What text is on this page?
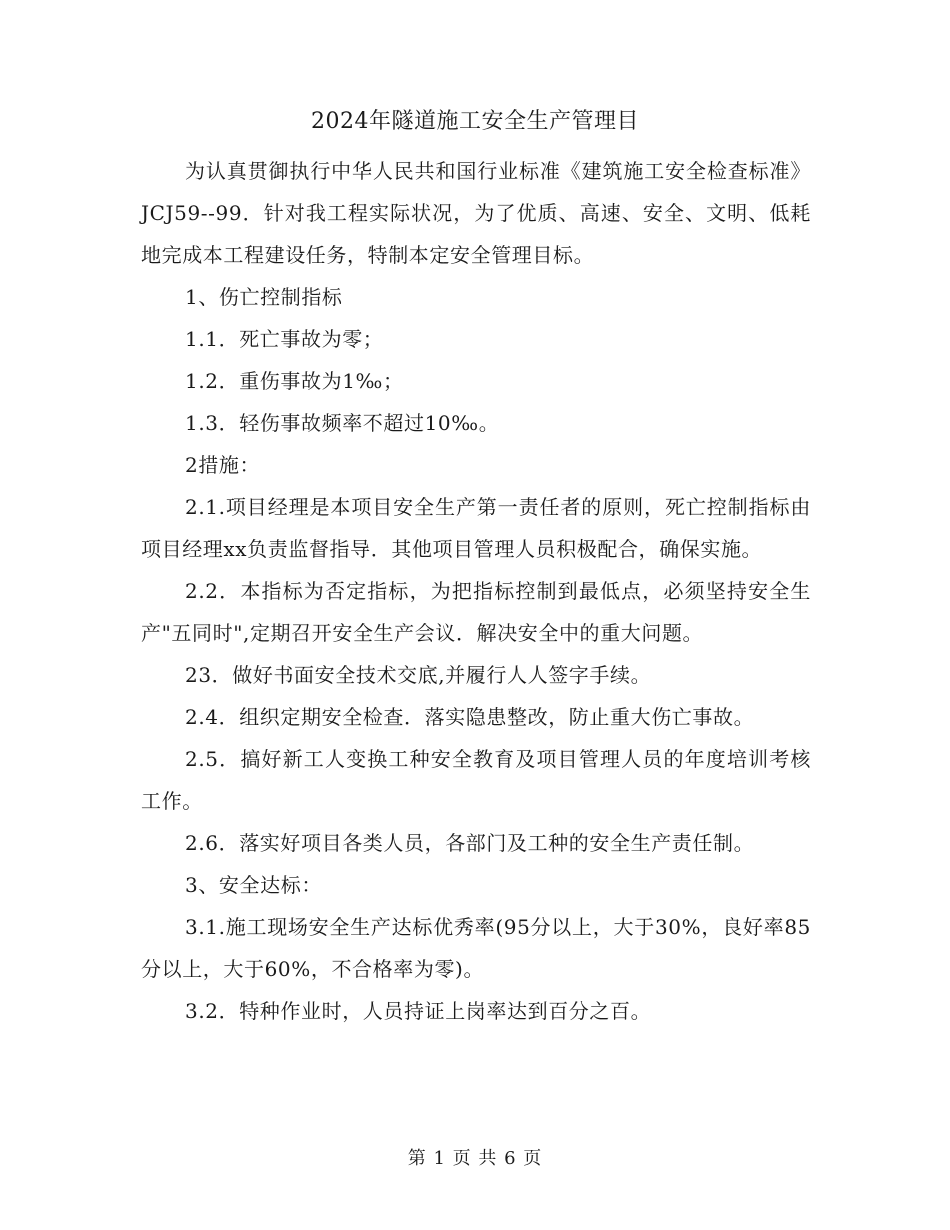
2024年隧道施工安全生产管理目

为认真贯御执行中华人民共和国行业标准《建筑施工安全检查标准》JCJ59--99．针对我工程实际状况，为了优质、高速、安全、文明、低耗地完成本工程建设任务，特制本定安全管理目标。

1、伤亡控制指标

1.1．死亡事故为零；

1.2．重伤事故为1‰；

1.3．轻伤事故频率不超过10‰。

2措施：

2.1.项目经理是本项目安全生产第一责任者的原则，死亡控制指标由项目经理xx负责监督指导．其他项目管理人员积极配合，确保实施。

2.2．本指标为否定指标，为把指标控制到最低点，必须坚持安全生产"五同时",定期召开安全生产会议．解决安全中的重大问题。

23．做好书面安全技术交底,并履行人人签字手续。

2.4．组织定期安全检查．落实隐患整改，防止重大伤亡事故。

2.5．搞好新工人变换工种安全教育及项目管理人员的年度培训考核工作。

2.6．落实好项目各类人员，各部门及工种的安全生产责任制。

3、安全达标：

3.1.施工现场安全生产达标优秀率(95分以上，大于30%，良好率85分以上，大于60%，不合格率为零)。

3.2．特种作业时，人员持证上岗率达到百分之百。

第 1 页 共 6 页
